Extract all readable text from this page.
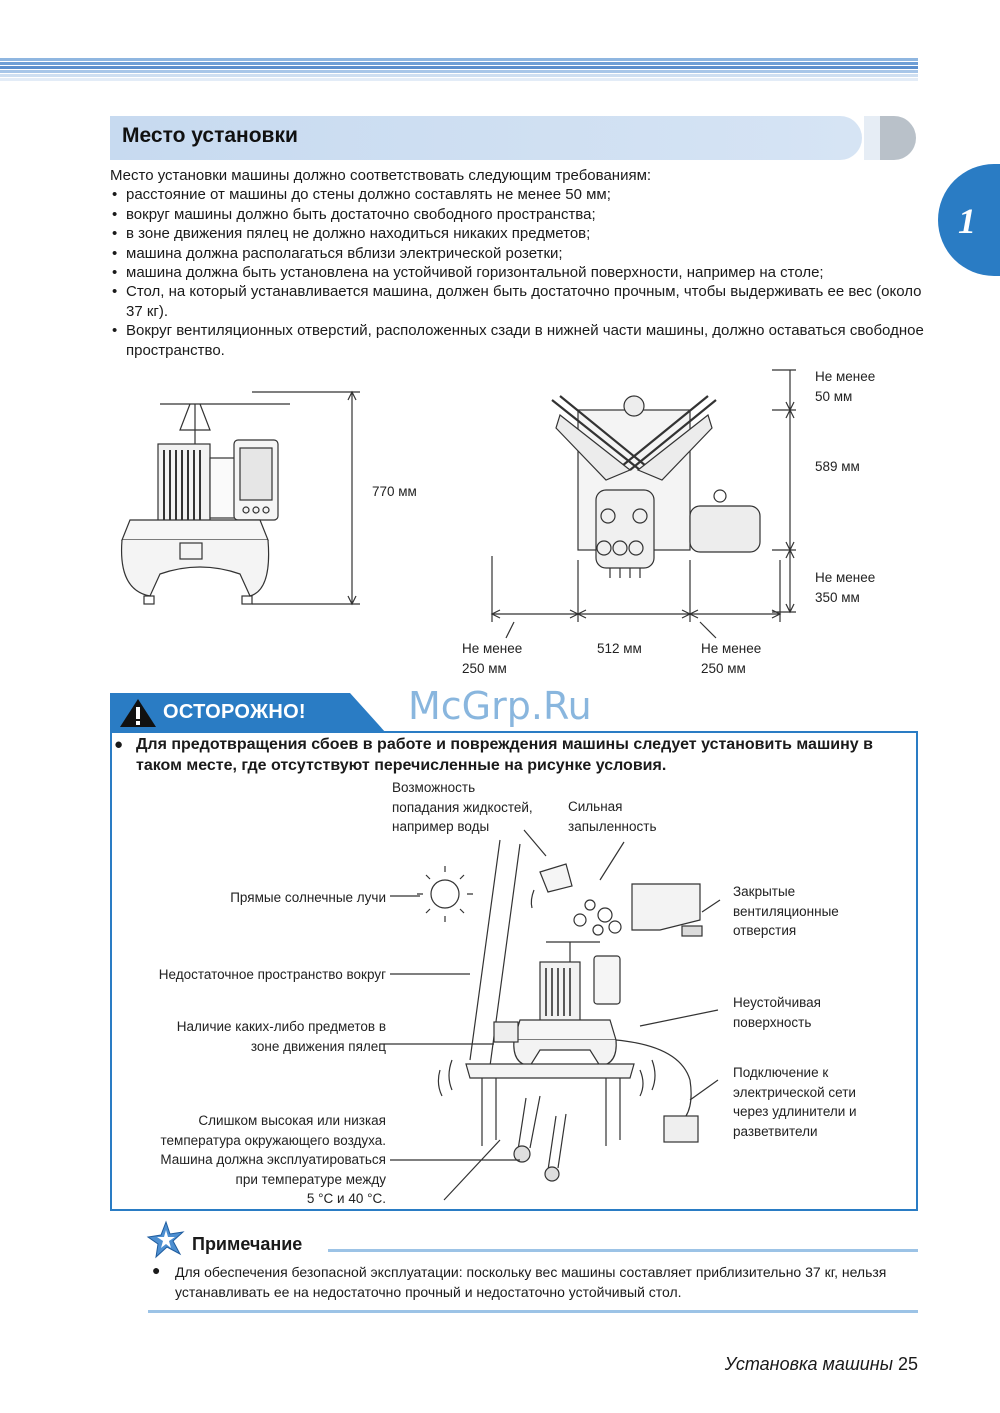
Место установки
1

Место установки машины должно соответствовать следующим требованиям:

• расстояние от машины до стены должно составлять не менее 50 мм;
• вокруг машины должно быть достаточно свободного пространства;
• в зоне движения пялец не должно находиться никаких предметов;
• машина должна располагаться вблизи электрической розетки;
• машина должна быть установлена на устойчивой горизонтальной поверхности, например на столе;
• Стол, на который устанавливается машина, должен быть достаточно прочным, чтобы выдерживать ее вес (около 37 кг).
• Вокруг вентиляционных отверстий, расположенных сзади в нижней части машины, должно оставаться свободное пространство.
770 мм
Не менее
50 мм
589 мм
Не менее
350 мм
Не менее
250 мм
512 мм	Не менее
250 мм
ОСТОРОЖНО!	McGrp.Ru
● Для предотвращения сбоев в работе и повреждения машины следует установить машину в таком месте, где отсутствуют перечисленные на рисунке условия.
Возможность
попадания жидкостей,
например воды
Сильная
запыленность
Прямые солнечные лучи
Недостаточное пространство вокруг
Наличие каких-либо предметов в
зоне движения пялец
Слишком высокая или низкая
температура окружающего воздуха.
Машина должна эксплуатироваться
при температуре между
5 °C и 40 °C.
Закрытые
вентиляционные
отверстия
Неустойчивая
поверхность
Подключение к
электрической сети
через удлинители и
разветвители
Примечание
● Для обеспечения безопасной эксплуатации: поскольку вес машины составляет приблизительно 37 кг, нельзя устанавливать ее на недостаточно прочный и недостаточно устойчивый стол.
Установка машины 25
